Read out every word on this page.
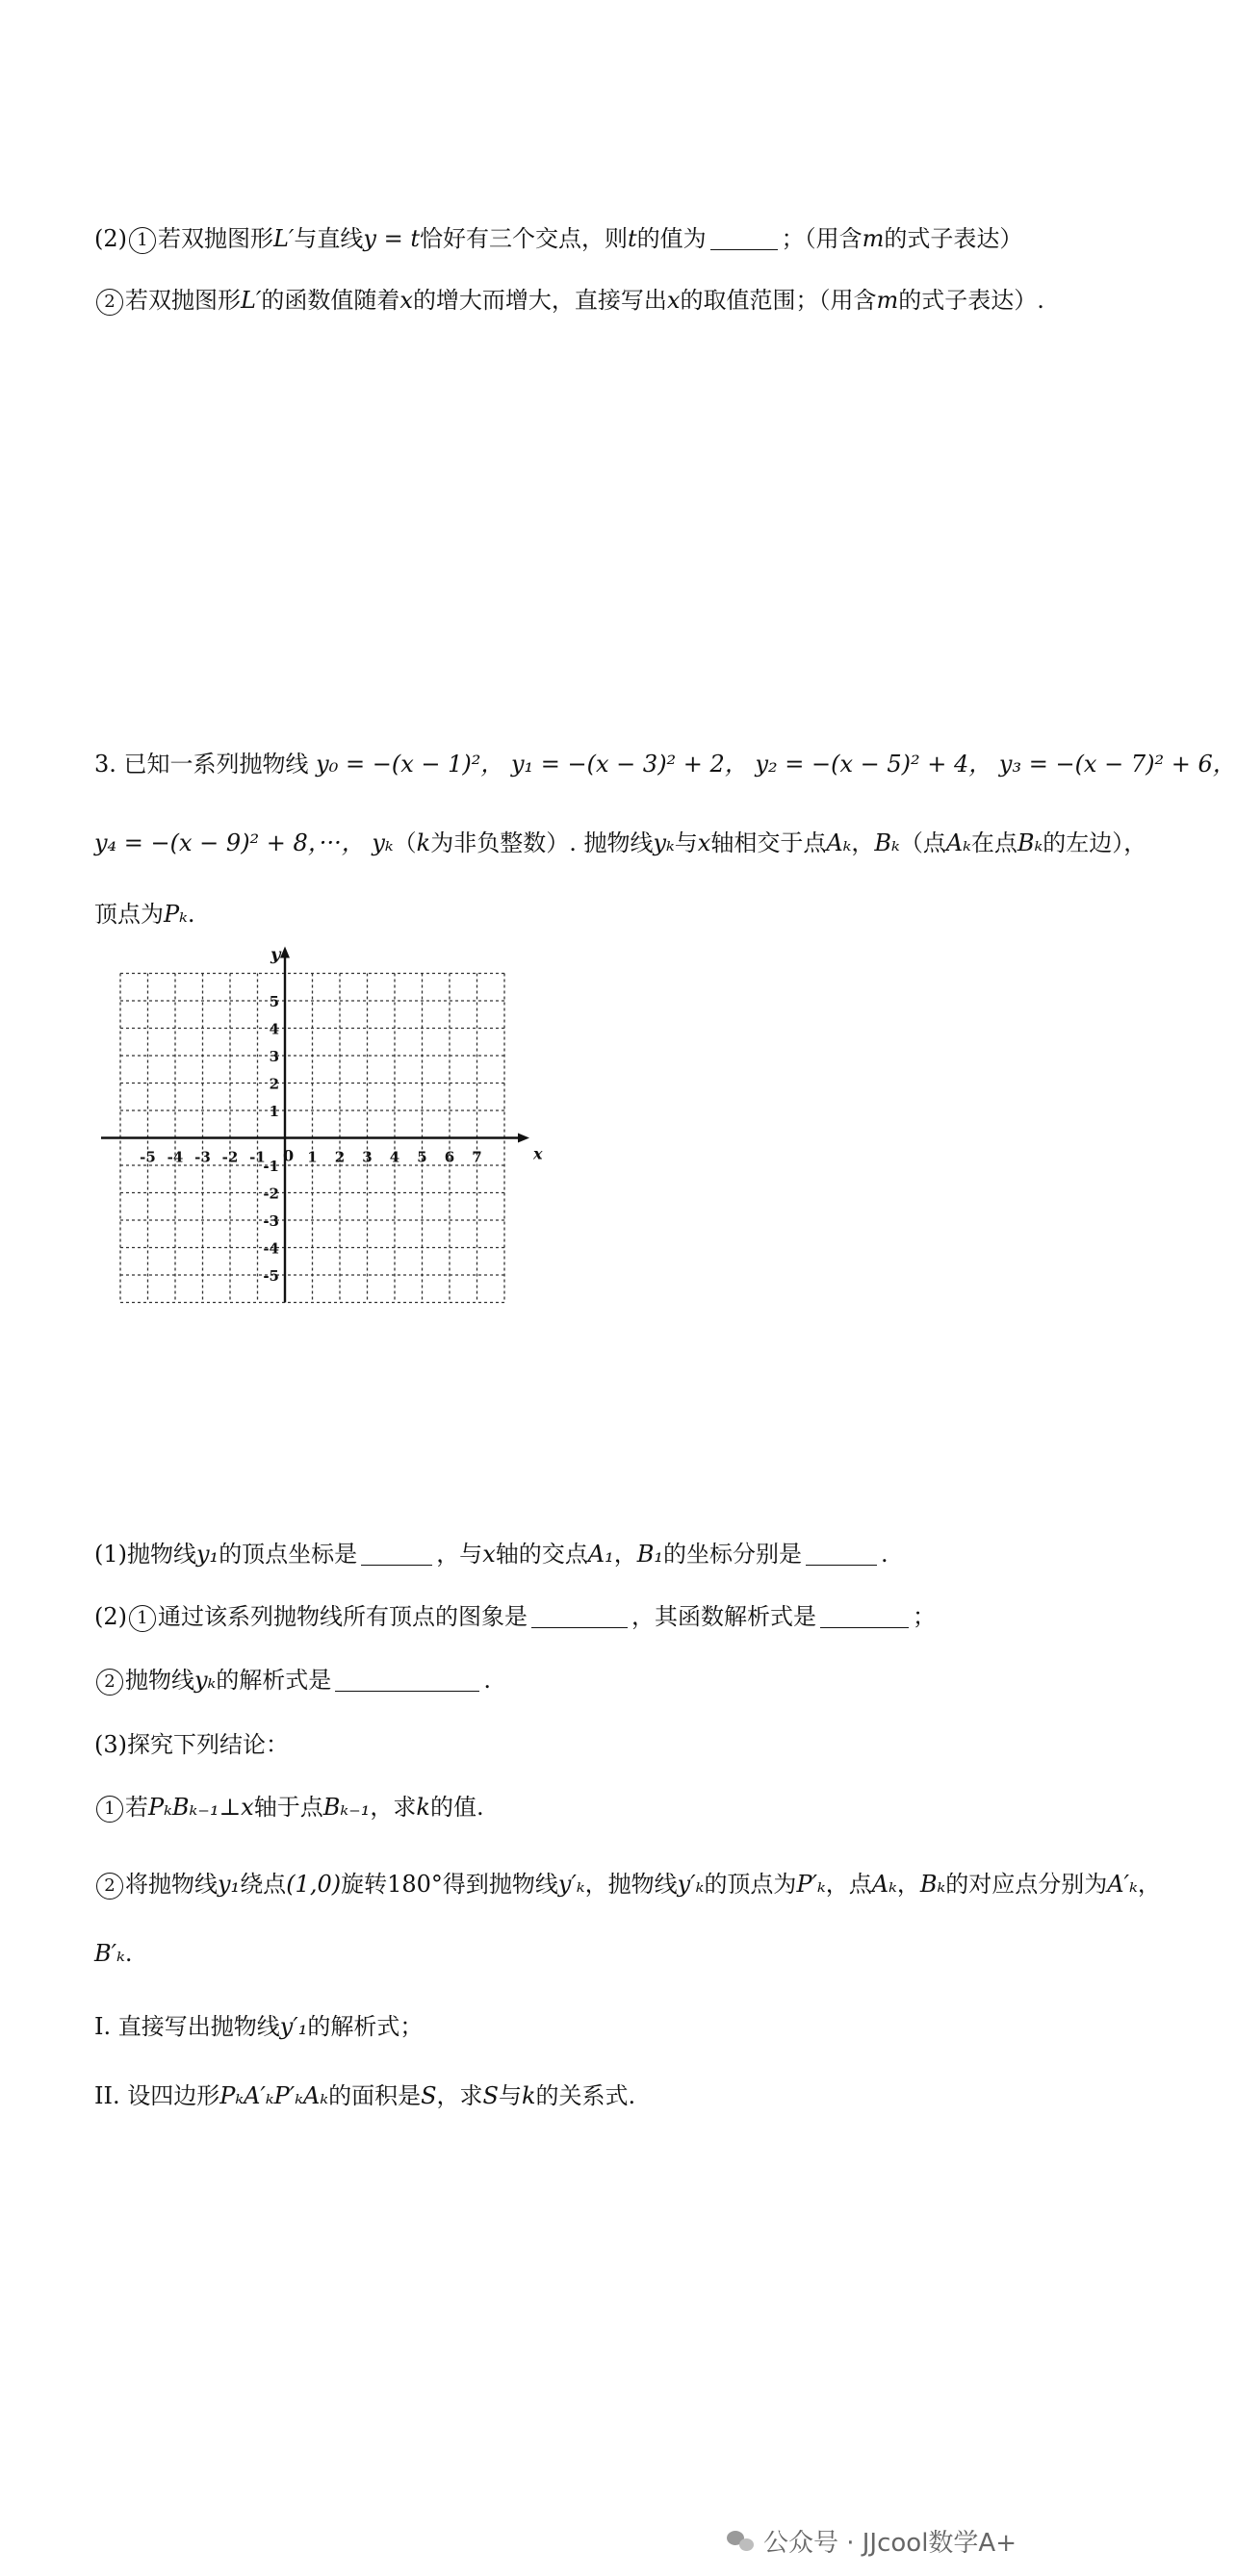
(2) 1 若双抛图形L′与直线y = t恰好有三个交点，则t的值为	；（用含m的式子表达）
2 若双抛图形L′的函数值随着x的增大而增大，直接写出x的取值范围；（用含m的式子表达）.
3. 已知一系列抛物线 y₀ = −(x − 1)²， y₁ = −(x − 3)² + 2， y₂ = −(x − 5)² + 4， y₃ = −(x − 7)² + 6，
y₄ = −(x − 9)² + 8，···， yₖ（k为非负整数）. 抛物线yₖ与x轴相交于点Aₖ，Bₖ（点Aₖ在点Bₖ的左边），
顶点为Pₖ.
x
y
0
-5 -4 -3 -2 -1	1 2 3 4 5 6 7
5
4
3
2
1
-1
-2
-3
-4
-5
(1)抛物线y₁的顶点坐标是	，与x轴的交点A₁，B₁的坐标分别是	.
(2) 1 通过该系列抛物线所有顶点的图象是	，其函数解析式是	；
2 抛物线yₖ的解析式是	.
(3)探究下列结论：
1 若PₖBₖ₋₁⊥x轴于点Bₖ₋₁，求k的值.
2 将抛物线y₁绕点(1,0)旋转180°得到抛物线y′ₖ，抛物线y′ₖ的顶点为P′ₖ，点Aₖ，Bₖ的对应点分别为A′ₖ，
B′ₖ.
I. 直接写出抛物线y′₁的解析式；
II. 设四边形PₖA′ₖP′ₖAₖ的面积是S，求S与k的关系式.
公众号 · JJcool数学A+
